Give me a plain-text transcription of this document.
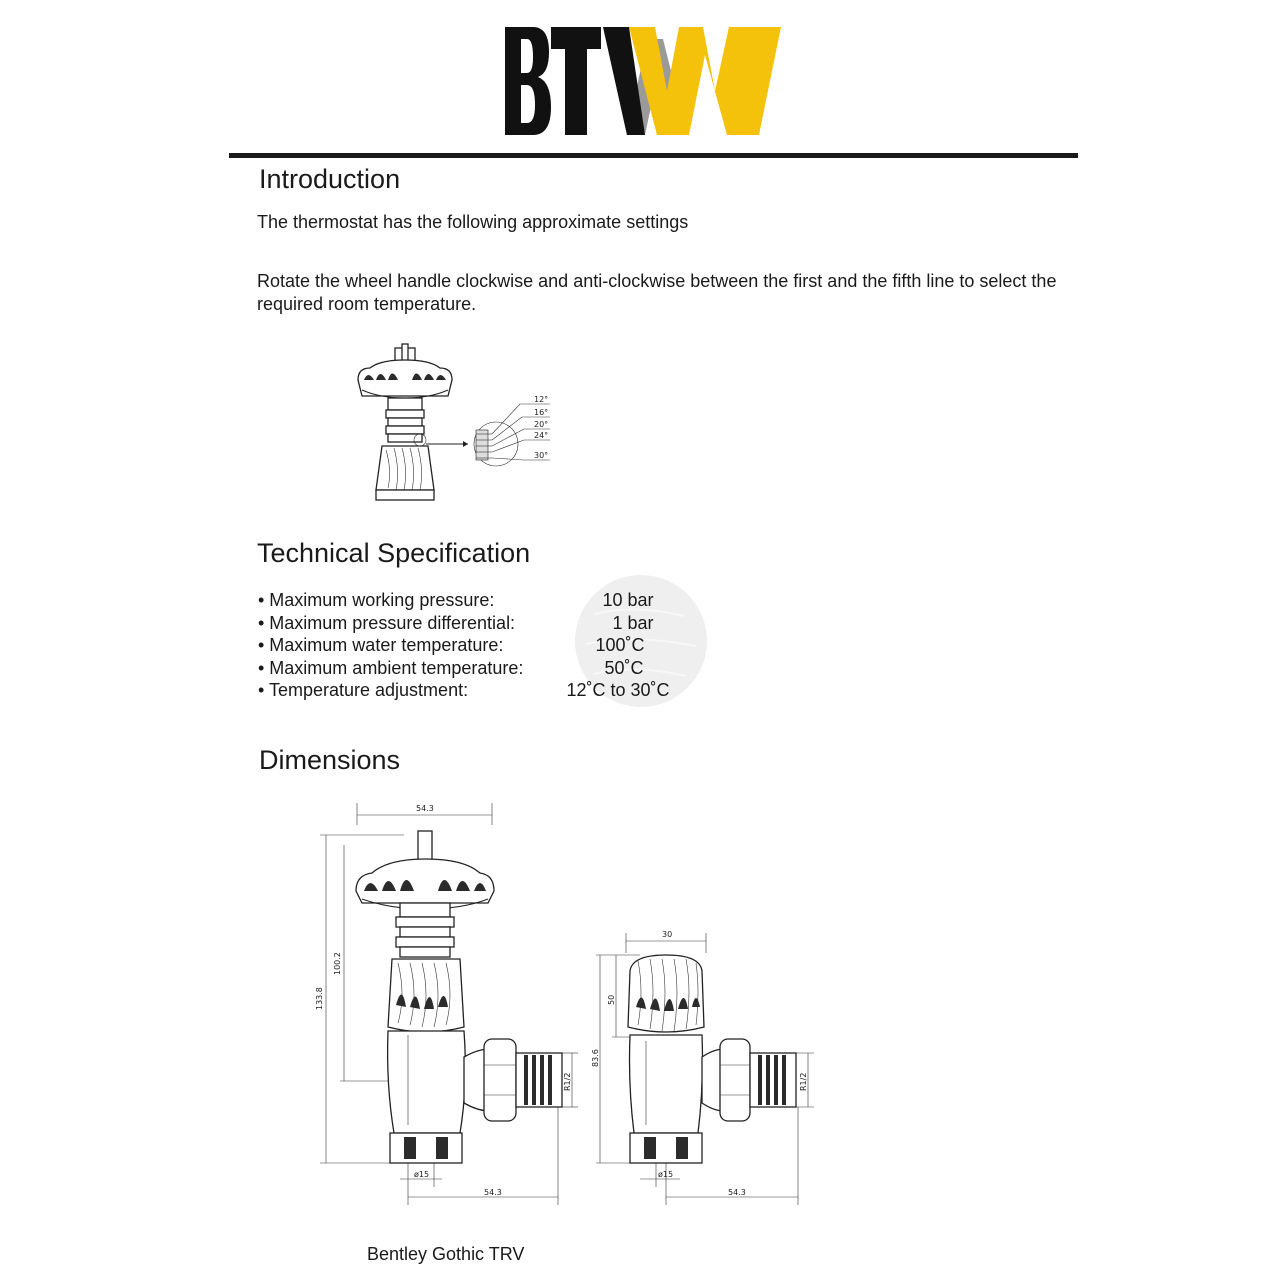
Introduction

The thermostat has the following approximate settings

Rotate the wheel handle clockwise and anti-clockwise between the first and the fifth line to select the required room temperature.

12°
16°
20°
24°
30°
Technical Specification
• Maximum working pressure:	10 bar
• Maximum pressure differential:	1 bar
• Maximum water temperature:	100˚C
• Maximum ambient temperature:	50˚C
• Temperature adjustment:	12˚C to 30˚C
Dimensions
54.3
133.8
100.2
R1/2
ø15
54.3
30
83.6
50
R1/2
ø15
54.3
Bentley Gothic TRV
